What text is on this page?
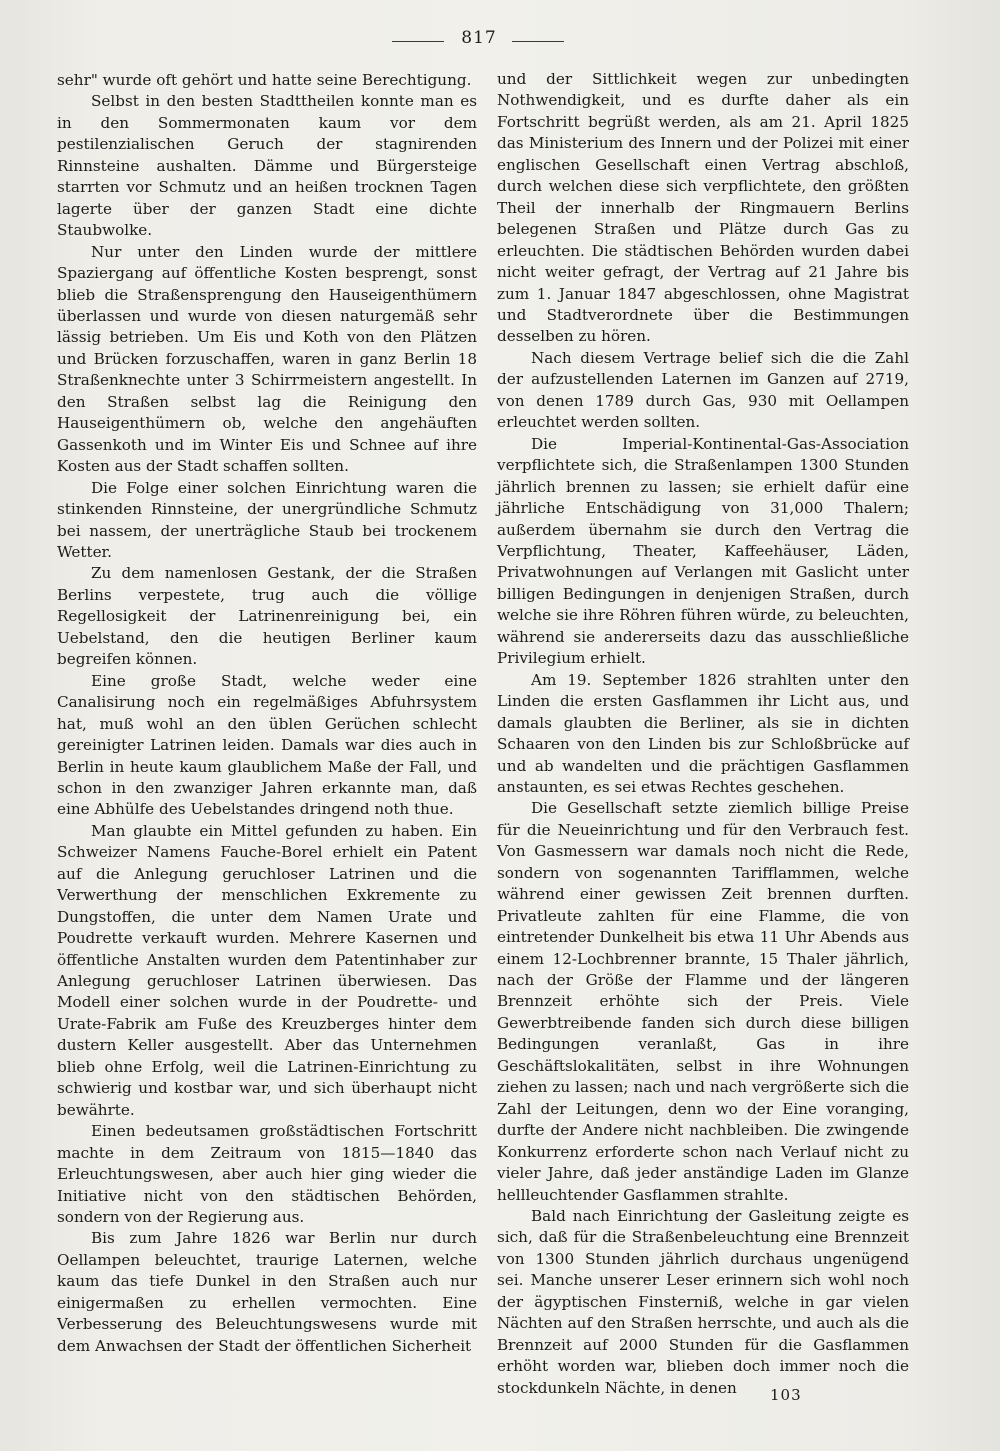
817

sehr" wurde oft gehört und hatte seine Berechtigung.

Selbst in den besten Stadttheilen konnte man es in den Sommermonaten kaum vor dem pestilenzialischen Geruch der stagnirenden Rinnsteine aushalten. Dämme und Bürgersteige starrten vor Schmutz und an heißen trocknen Tagen lagerte über der ganzen Stadt eine dichte Staubwolke.

Nur unter den Linden wurde der mittlere Spaziergang auf öffentliche Kosten besprengt, sonst blieb die Straßensprengung den Hauseigenthümern überlassen und wurde von diesen naturgemäß sehr lässig betrieben. Um Eis und Koth von den Plätzen und Brücken forzuschaffen, waren in ganz Berlin 18 Straßenknechte unter 3 Schirrmeistern angestellt. In den Straßen selbst lag die Reinigung den Hauseigenthümern ob, welche den angehäuften Gassenkoth und im Winter Eis und Schnee auf ihre Kosten aus der Stadt schaffen sollten.

Die Folge einer solchen Einrichtung waren die stinkenden Rinnsteine, der unergründliche Schmutz bei nassem, der unerträgliche Staub bei trockenem Wetter.

Zu dem namenlosen Gestank, der die Straßen Berlins verpestete, trug auch die völlige Regellosigkeit der Latrinenreinigung bei, ein Uebelstand, den die heutigen Berliner kaum begreifen können.

Eine große Stadt, welche weder eine Canalisirung noch ein regelmäßiges Abfuhrsystem hat, muß wohl an den üblen Gerüchen schlecht gereinigter Latrinen leiden. Damals war dies auch in Berlin in heute kaum glaublichem Maße der Fall, und schon in den zwanziger Jahren erkannte man, daß eine Abhülfe des Uebelstandes dringend noth thue.

Man glaubte ein Mittel gefunden zu haben. Ein Schweizer Namens Fauche-Borel erhielt ein Patent auf die Anlegung geruchloser Latrinen und die Verwerthung der menschlichen Exkremente zu Dungstoffen, die unter dem Namen Urate und Poudrette verkauft wurden. Mehrere Kasernen und öffentliche Anstalten wurden dem Patentinhaber zur Anlegung geruchloser Latrinen überwiesen. Das Modell einer solchen wurde in der Poudrette- und Urate-Fabrik am Fuße des Kreuzberges hinter dem dustern Keller ausgestellt. Aber das Unternehmen blieb ohne Erfolg, weil die Latrinen-Einrichtung zu schwierig und kostbar war, und sich überhaupt nicht bewährte.

Einen bedeutsamen großstädtischen Fortschritt machte in dem Zeitraum von 1815—1840 das Erleuchtungswesen, aber auch hier ging wieder die Initiative nicht von den städtischen Behörden, sondern von der Regierung aus.

Bis zum Jahre 1826 war Berlin nur durch Oellampen beleuchtet, traurige Laternen, welche kaum das tiefe Dunkel in den Straßen auch nur einigermaßen zu erhellen vermochten. Eine Verbesserung des Beleuchtungswesens wurde mit dem Anwachsen der Stadt der öffentlichen Sicherheit

und der Sittlichkeit wegen zur unbedingten Nothwendigkeit, und es durfte daher als ein Fortschritt begrüßt werden, als am 21. April 1825 das Ministerium des Innern und der Polizei mit einer englischen Gesellschaft einen Vertrag abschloß, durch welchen diese sich verpflichtete, den größten Theil der innerhalb der Ringmauern Berlins belegenen Straßen und Plätze durch Gas zu erleuchten. Die städtischen Behörden wurden dabei nicht weiter gefragt, der Vertrag auf 21 Jahre bis zum 1. Januar 1847 abgeschlossen, ohne Magistrat und Stadtverordnete über die Bestimmungen desselben zu hören.

Nach diesem Vertrage belief sich die die Zahl der aufzustellenden Laternen im Ganzen auf 2719, von denen 1789 durch Gas, 930 mit Oellampen erleuchtet werden sollten.

Die Imperial-Kontinental-Gas-Association verpflichtete sich, die Straßenlampen 1300 Stunden jährlich brennen zu lassen; sie erhielt dafür eine jährliche Entschädigung von 31,000 Thalern; außerdem übernahm sie durch den Vertrag die Verpflichtung, Theater, Kaffeehäuser, Läden, Privatwohnungen auf Verlangen mit Gaslicht unter billigen Bedingungen in denjenigen Straßen, durch welche sie ihre Röhren führen würde, zu beleuchten, während sie andererseits dazu das ausschließliche Privilegium erhielt.

Am 19. September 1826 strahlten unter den Linden die ersten Gasflammen ihr Licht aus, und damals glaubten die Berliner, als sie in dichten Schaaren von den Linden bis zur Schloßbrücke auf und ab wandelten und die prächtigen Gasflammen anstaunten, es sei etwas Rechtes geschehen.

Die Gesellschaft setzte ziemlich billige Preise für die Neueinrichtung und für den Verbrauch fest. Von Gasmessern war damals noch nicht die Rede, sondern von sogenannten Tarifflammen, welche während einer gewissen Zeit brennen durften. Privatleute zahlten für eine Flamme, die von eintretender Dunkelheit bis etwa 11 Uhr Abends aus einem 12-Lochbrenner brannte, 15 Thaler jährlich, nach der Größe der Flamme und der längeren Brennzeit erhöhte sich der Preis. Viele Gewerbtreibende fanden sich durch diese billigen Bedingungen veranlaßt, Gas in ihre Geschäftslokalitäten, selbst in ihre Wohnungen ziehen zu lassen; nach und nach vergrößerte sich die Zahl der Leitungen, denn wo der Eine voranging, durfte der Andere nicht nachbleiben. Die zwingende Konkurrenz erforderte schon nach Verlauf nicht zu vieler Jahre, daß jeder anständige Laden im Glanze hellleuchtender Gasflammen strahlte.

Bald nach Einrichtung der Gasleitung zeigte es sich, daß für die Straßenbeleuchtung eine Brennzeit von 1300 Stunden jährlich durchaus ungenügend sei. Manche unserer Leser erinnern sich wohl noch der ägyptischen Finsterniß, welche in gar vielen Nächten auf den Straßen herrschte, und auch als die Brennzeit auf 2000 Stunden für die Gasflammen erhöht worden war, blieben doch immer noch die stockdunkeln Nächte, in denen	103
